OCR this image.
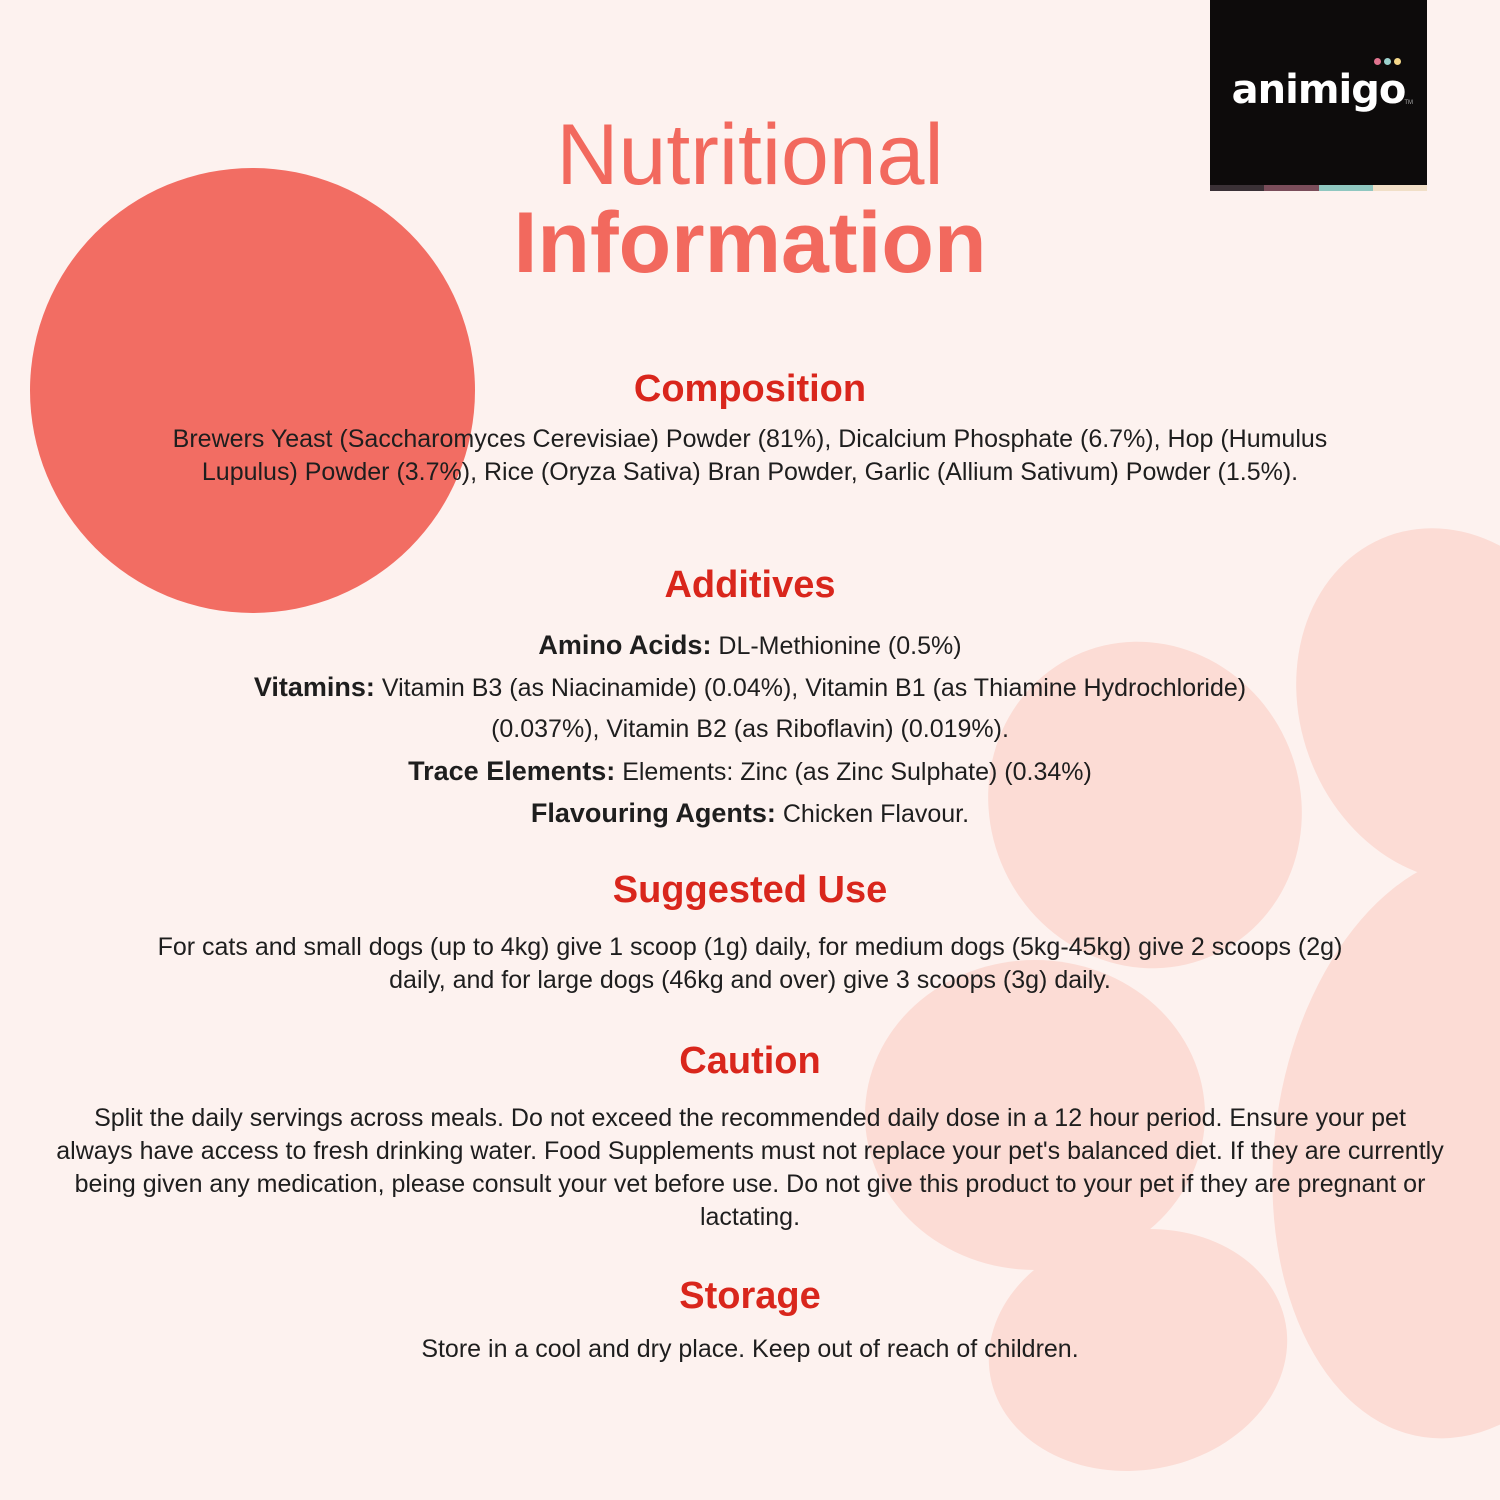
animigo
TM
Nutritional
Information
Composition

Brewers Yeast (Saccharomyces Cerevisiae) Powder (81%), Dicalcium Phosphate (6.7%), Hop (Humulus Lupulus) Powder (3.7%), Rice (Oryza Sativa) Bran Powder, Garlic (Allium Sativum) Powder (1.5%).

Additives

Amino Acids: DL-Methionine (0.5%)

Vitamins: Vitamin B3 (as Niacinamide) (0.04%), Vitamin B1 (as Thiamine Hydrochloride)

(0.037%), Vitamin B2 (as Riboflavin) (0.019%).

Trace Elements: Elements: Zinc (as Zinc Sulphate) (0.34%)

Flavouring Agents: Chicken Flavour.

Suggested Use

For cats and small dogs (up to 4kg) give 1 scoop (1g) daily, for medium dogs (5kg-45kg) give 2 scoops (2g) daily, and for large dogs (46kg and over) give 3 scoops (3g) daily.

Caution

Split the daily servings across meals. Do not exceed the recommended daily dose in a 12 hour period. Ensure your pet always have access to fresh drinking water. Food Supplements must not replace your pet's balanced diet. If they are currently being given any medication, please consult your vet before use. Do not give this product to your pet if they are pregnant or lactating.

Storage

Store in a cool and dry place. Keep out of reach of children.
